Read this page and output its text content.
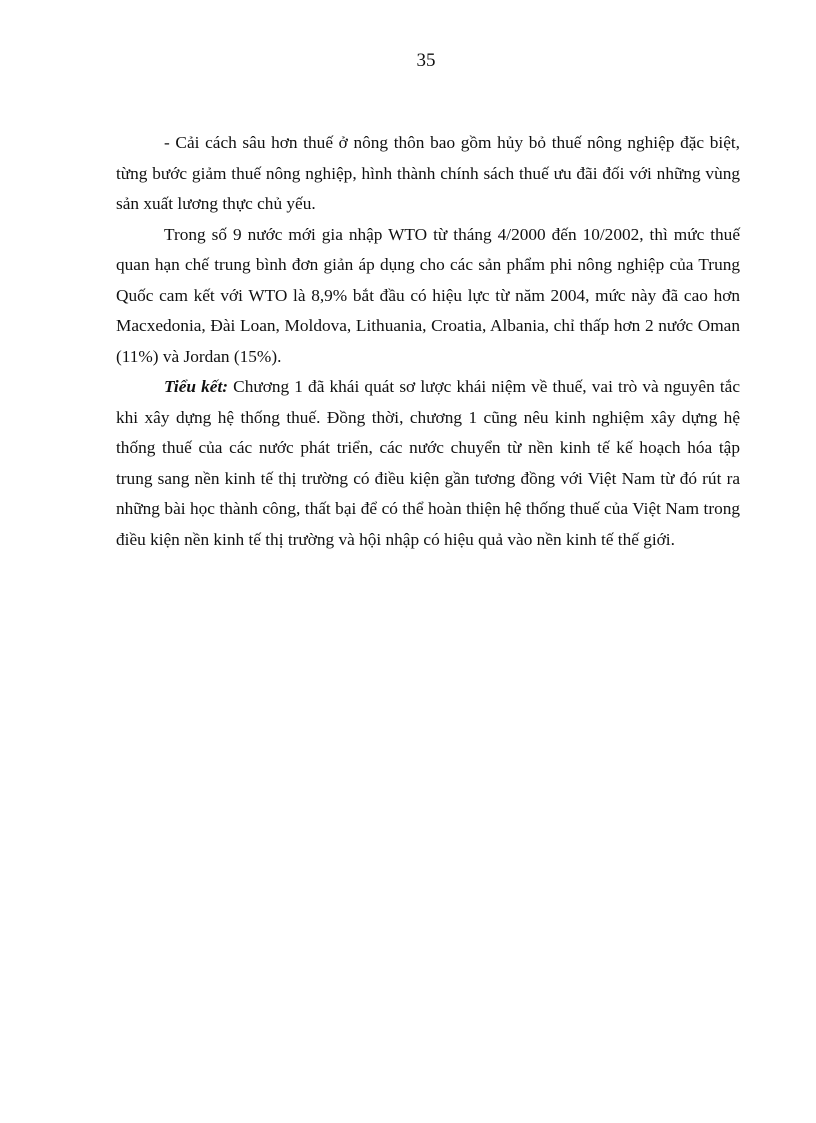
35

- Cải cách sâu hơn thuế ở nông thôn bao gồm hủy bỏ thuế nông nghiệp đặc biệt, từng bước giảm thuế nông nghiệp, hình thành chính sách thuế ưu đãi đối với những vùng sản xuất lương thực chủ yếu.

Trong số 9 nước mới gia nhập WTO từ tháng 4/2000 đến 10/2002, thì mức thuế quan hạn chế trung bình đơn giản áp dụng cho các sản phẩm phi nông nghiệp của Trung Quốc cam kết với WTO là 8,9% bắt đầu có hiệu lực từ năm 2004, mức này đã cao hơn Macxedonia, Đài Loan, Moldova, Lithuania, Croatia, Albania, chỉ thấp hơn 2 nước Oman (11%) và Jordan (15%).

Tiểu kết: Chương 1 đã khái quát sơ lược khái niệm về thuế, vai trò và nguyên tắc khi xây dựng hệ thống thuế. Đồng thời, chương 1 cũng nêu kinh nghiệm xây dựng hệ thống thuế của các nước phát triển, các nước chuyển từ nền kinh tế kế hoạch hóa tập trung sang nền kinh tế thị trường có điều kiện gần tương đồng với Việt Nam từ đó rút ra những bài học thành công, thất bại để có thể hoàn thiện hệ thống thuế của Việt Nam trong điều kiện nền kinh tế thị trường và hội nhập có hiệu quả vào nền kinh tế thế giới.
